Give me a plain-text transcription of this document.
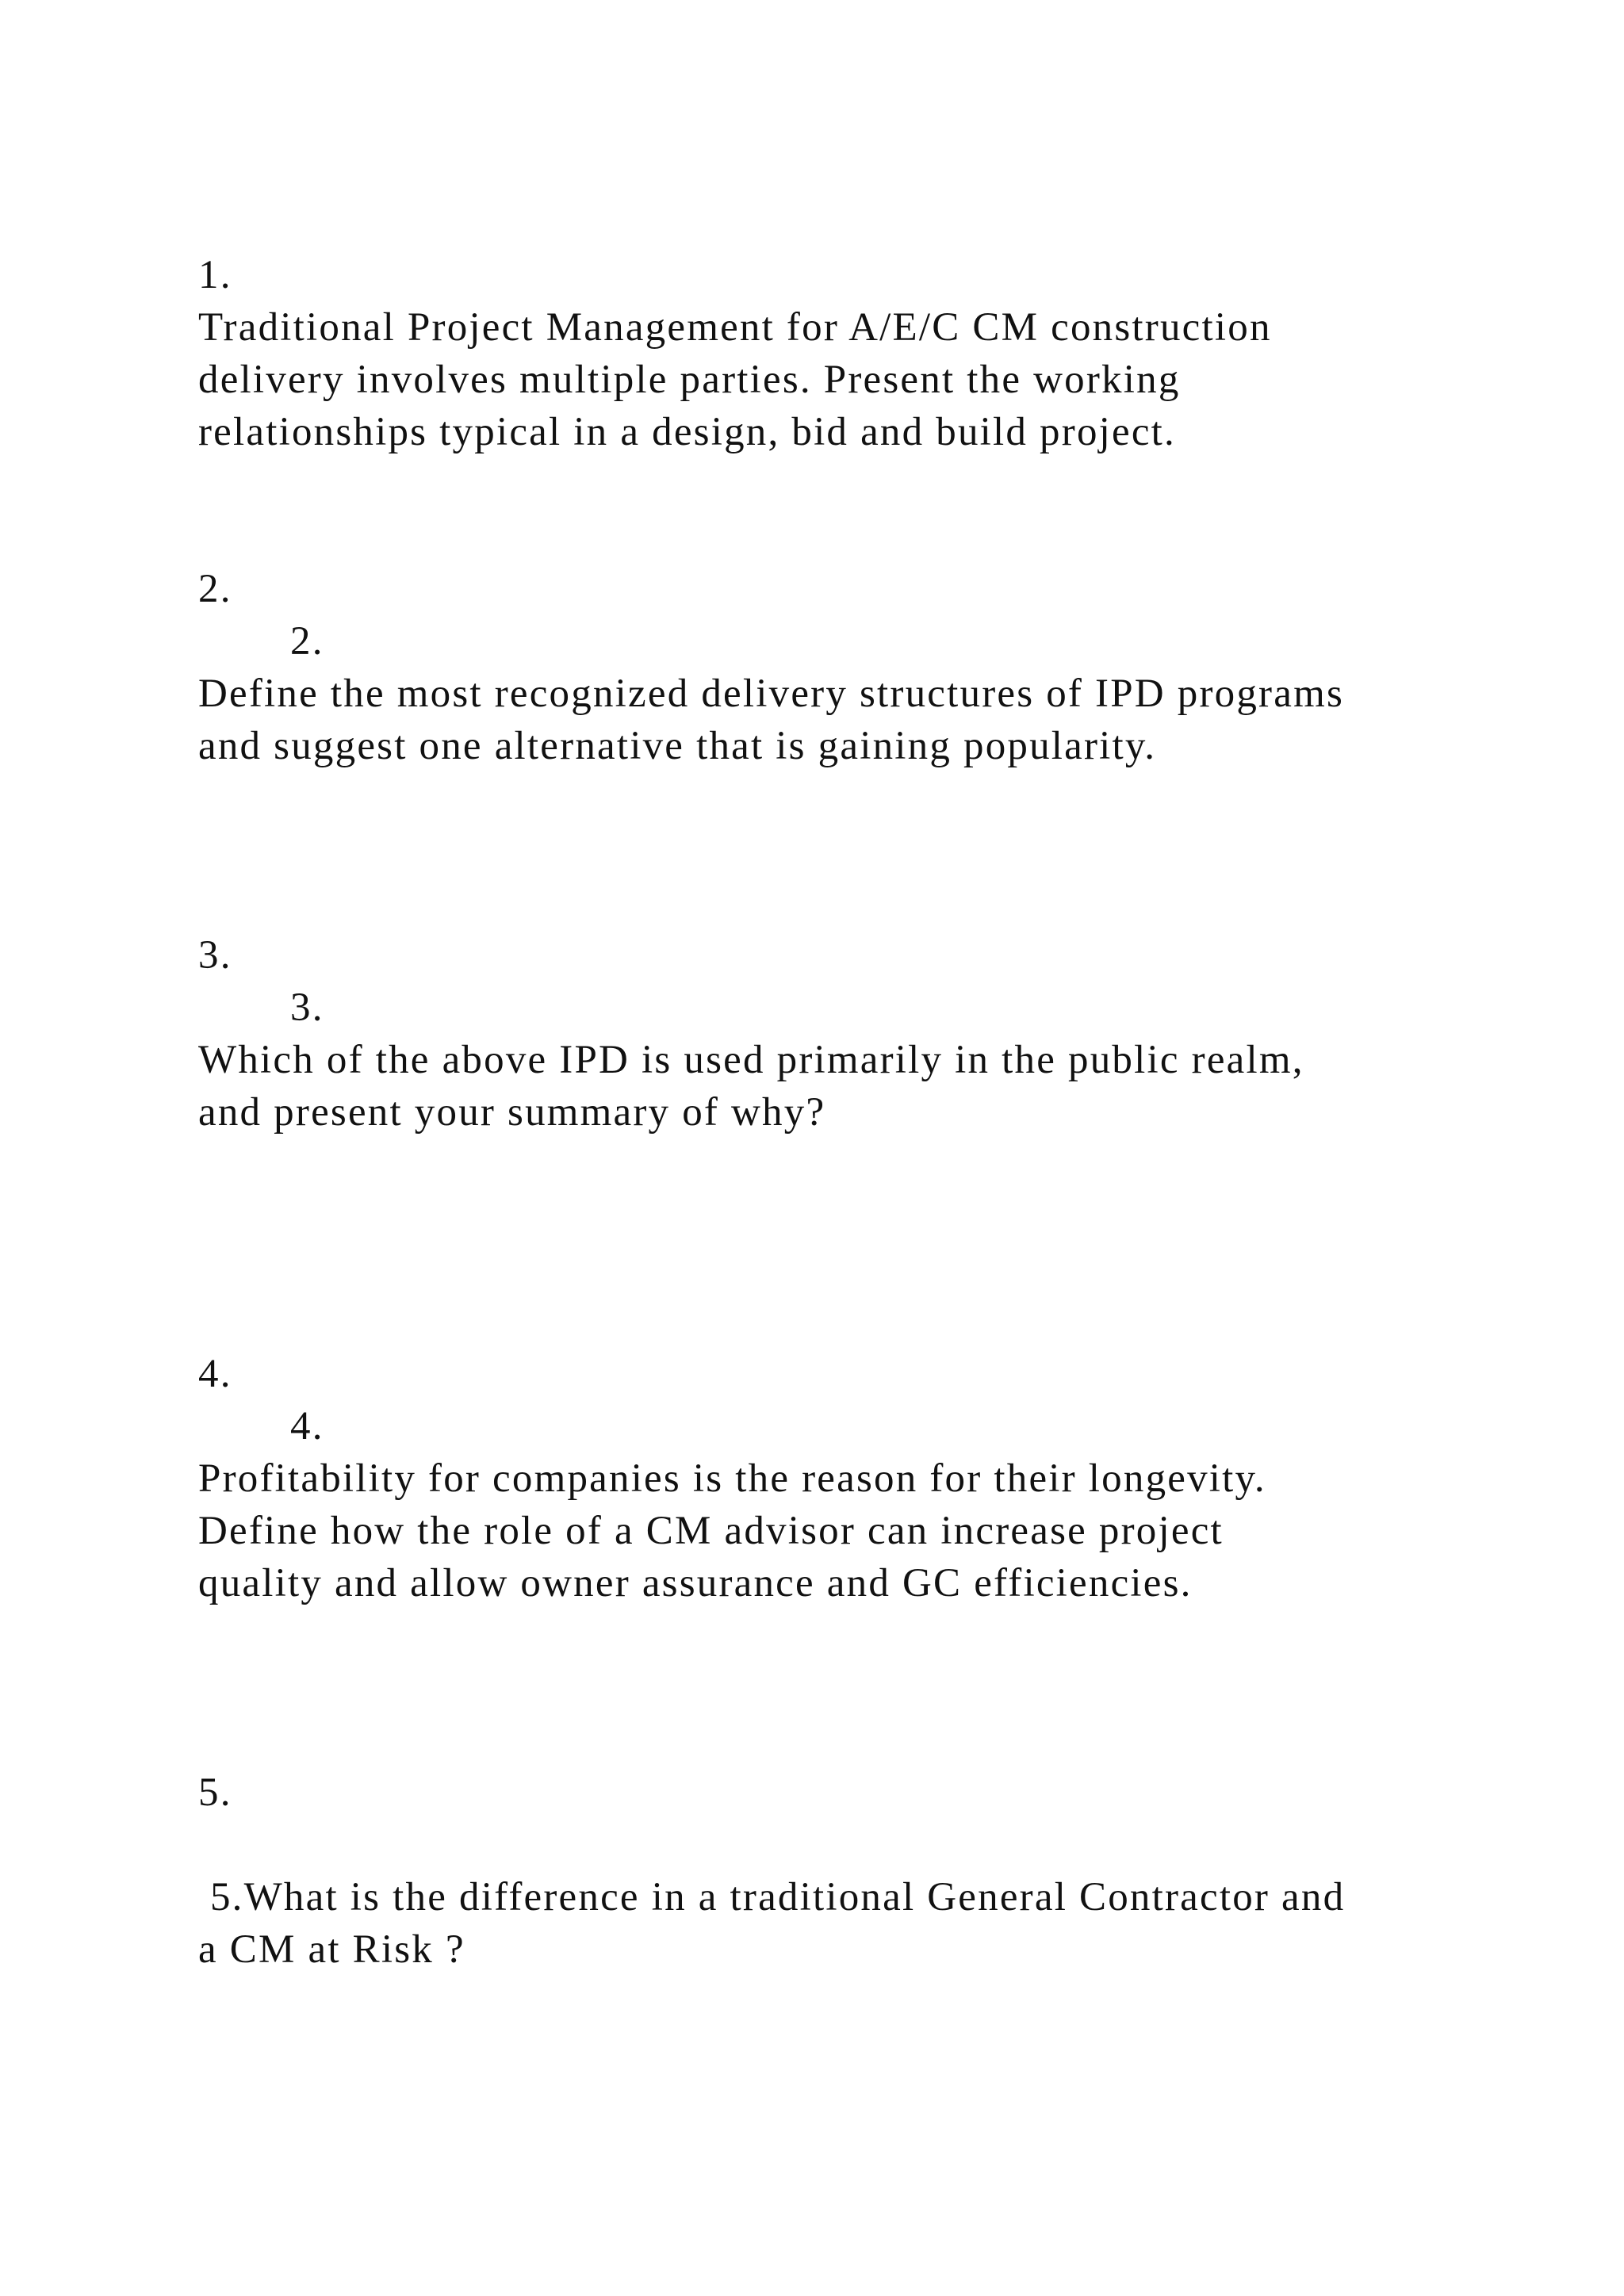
1.

Traditional Project Management for A/E/C CM construction

delivery involves multiple parties. Present the working

relationships typical in a design, bid and build project.

2.

2.

Define the most recognized delivery structures of IPD programs

and suggest one alternative that is gaining popularity.

3.

3.

Which of the above IPD is used primarily in the public realm,

and present your summary of why?

4.

4.

Profitability for companies is the reason for their longevity.

Define how the role of a CM advisor can increase project

quality and allow owner assurance and GC efficiencies.

5.

5.What is the difference in a traditional General Contractor and

a CM at Risk ?
